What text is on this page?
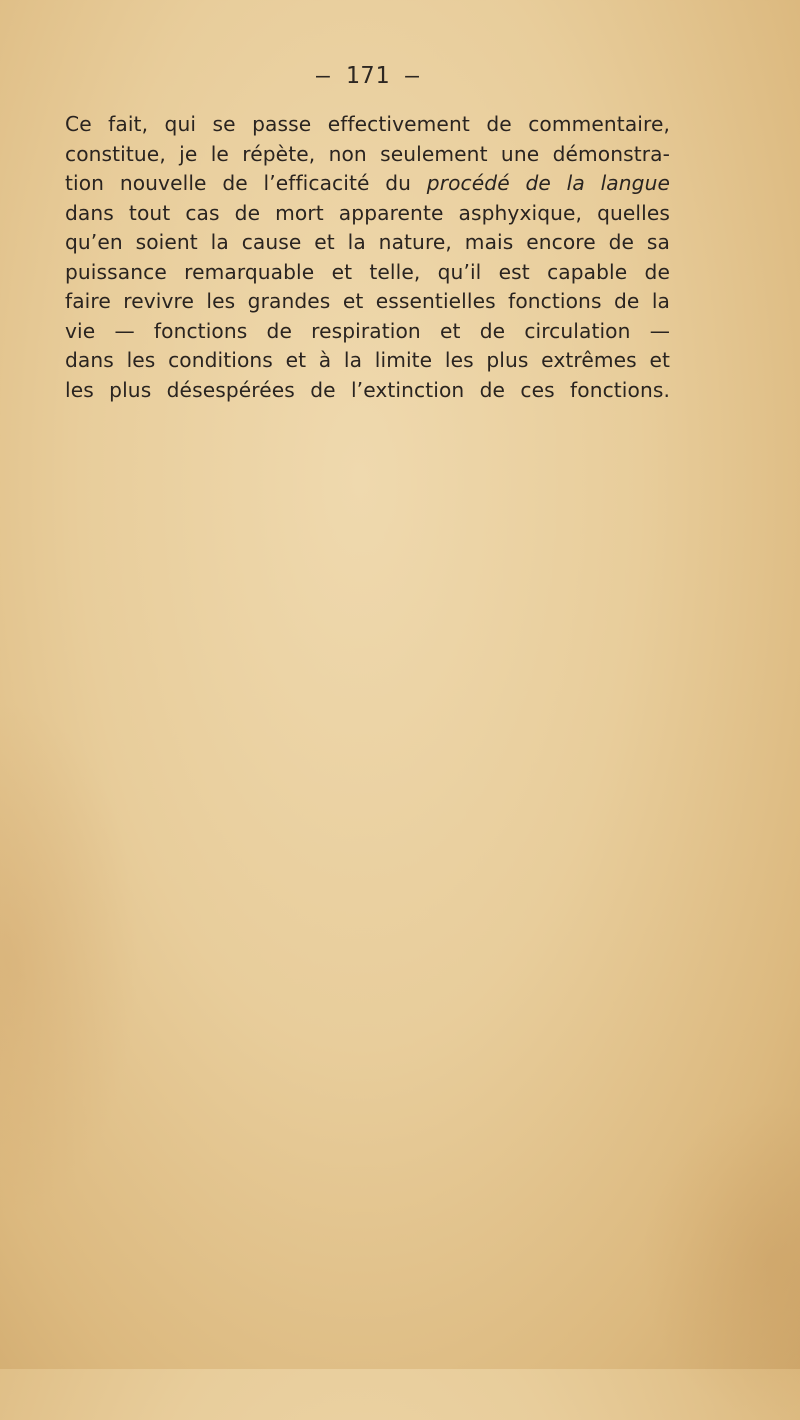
— 171 —
Ce fait, qui se passe effectivement de commentaire,
constitue, je le répète, non seulement une démonstra-
tion nouvelle de l’efficacité du procédé de la langue
dans tout cas de mort apparente asphyxique, quelles
qu’en soient la cause et la nature, mais encore de sa
puissance remarquable et telle, qu’il est capable de
faire revivre les grandes et essentielles fonctions de la
vie — fonctions de respiration et de circulation —
dans les conditions et à la limite les plus extrêmes et
les plus désespérées de l’extinction de ces fonctions.
